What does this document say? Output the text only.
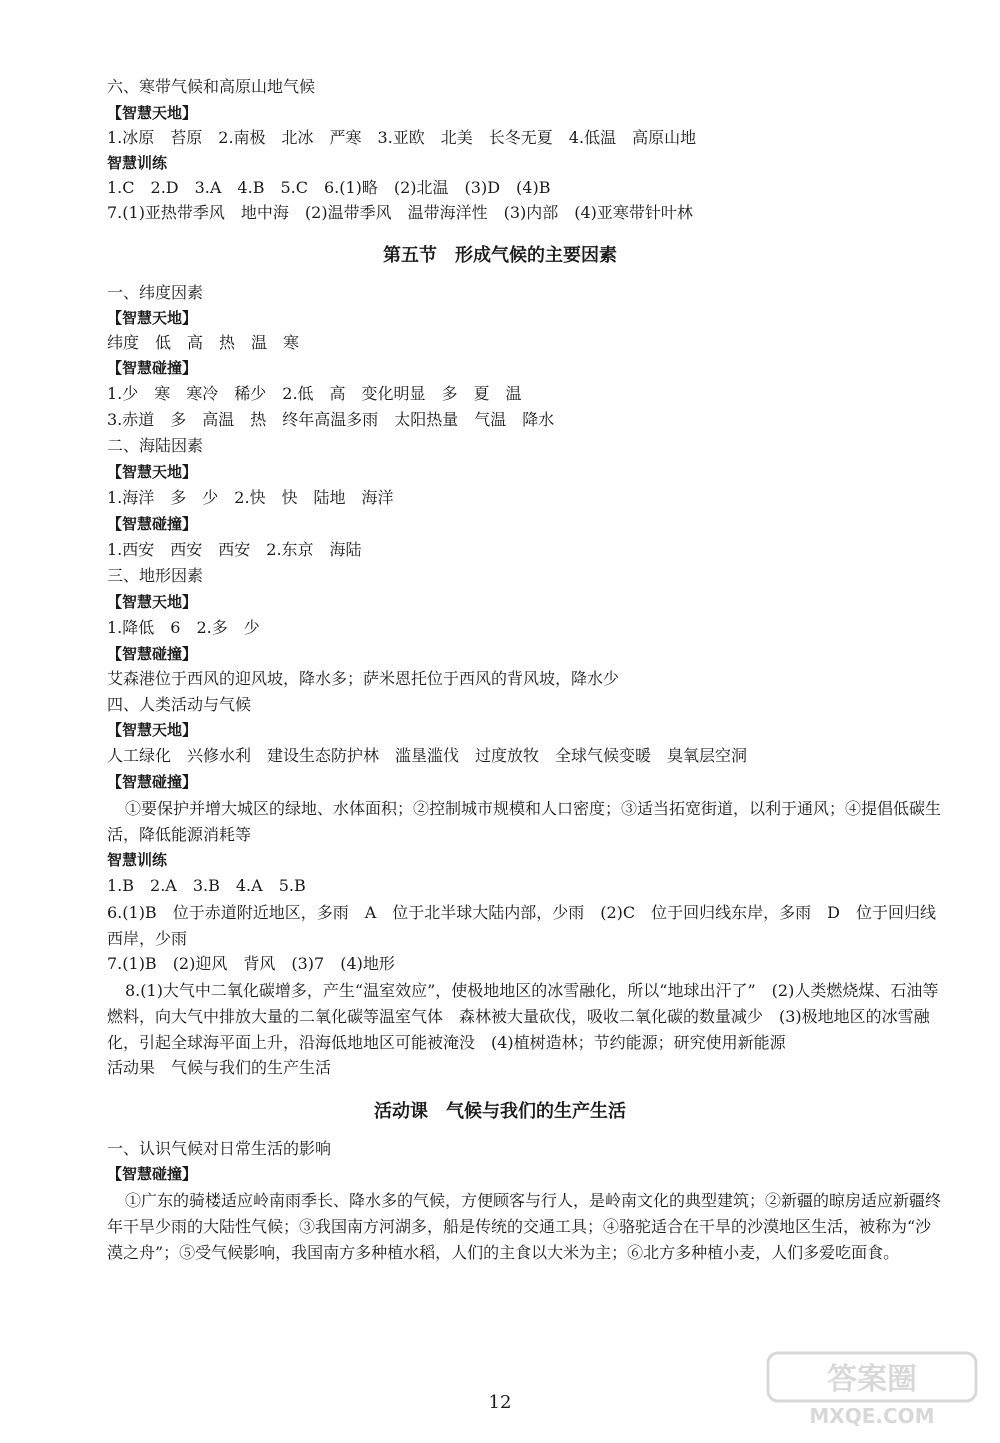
六、寒带气候和高原山地气候
【智慧天地】
1.冰原　苔原　2.南极　北冰　严寒　3.亚欧　北美　长冬无夏　4.低温　高原山地
智慧训练
1.C　2.D　3.A　4.B　5.C　6.(1)略　(2)北温　(3)D　(4)B
7.(1)亚热带季风　地中海　(2)温带季风　温带海洋性　(3)内部　(4)亚寒带针叶林
第五节　形成气候的主要因素
一、纬度因素
【智慧天地】
纬度　低　高　热　温　寒
【智慧碰撞】
1.少　寒　寒冷　稀少　2.低　高　变化明显　多　夏　温
3.赤道　多　高温　热　终年高温多雨　太阳热量　气温　降水
二、海陆因素
【智慧天地】
1.海洋　多　少　2.快　快　陆地　海洋
【智慧碰撞】
1.西安　西安　西安　2.东京　海陆
三、地形因素
【智慧天地】
1.降低　6　2.多　少
【智慧碰撞】
艾森港位于西风的迎风坡，降水多；萨米恩托位于西风的背风坡，降水少
四、人类活动与气候
【智慧天地】
人工绿化　兴修水利　建设生态防护林　滥垦滥伐　过度放牧　全球气候变暖　臭氧层空洞
【智慧碰撞】
①要保护并增大城区的绿地、水体面积；②控制城市规模和人口密度；③适当拓宽街道，以利于通风；④提倡低碳生活，降低能源消耗等
智慧训练
1.B　2.A　3.B　4.A　5.B
6.(1)B　位于赤道附近地区，多雨　A　位于北半球大陆内部，少雨　(2)C　位于回归线东岸，多雨　D　位于回归线西岸，少雨
7.(1)B　(2)迎风　背风　(3)7　(4)地形
8.(1)大气中二氧化碳增多，产生“温室效应”，使极地地区的冰雪融化，所以“地球出汗了”　(2)人类燃烧煤、石油等燃料，向大气中排放大量的二氧化碳等温室气体　森林被大量砍伐，吸收二氧化碳的数量减少　(3)极地地区的冰雪融化，引起全球海平面上升，沿海低地地区可能被淹没　(4)植树造林；节约能源；研究使用新能源
活动果　气候与我们的生产生活
活动课　气候与我们的生产生活
一、认识气候对日常生活的影响
【智慧碰撞】
①广东的骑楼适应岭南雨季长、降水多的气候，方便顾客与行人，是岭南文化的典型建筑；②新疆的晾房适应新疆终年干旱少雨的大陆性气候；③我国南方河湖多，船是传统的交通工具；④骆驼适合在干旱的沙漠地区生活，被称为“沙漠之舟”；⑤受气候影响，我国南方多种植水稻，人们的主食以大米为主；⑥北方多种植小麦，人们多爱吃面食。
12
答案圈
MXQE.COM
